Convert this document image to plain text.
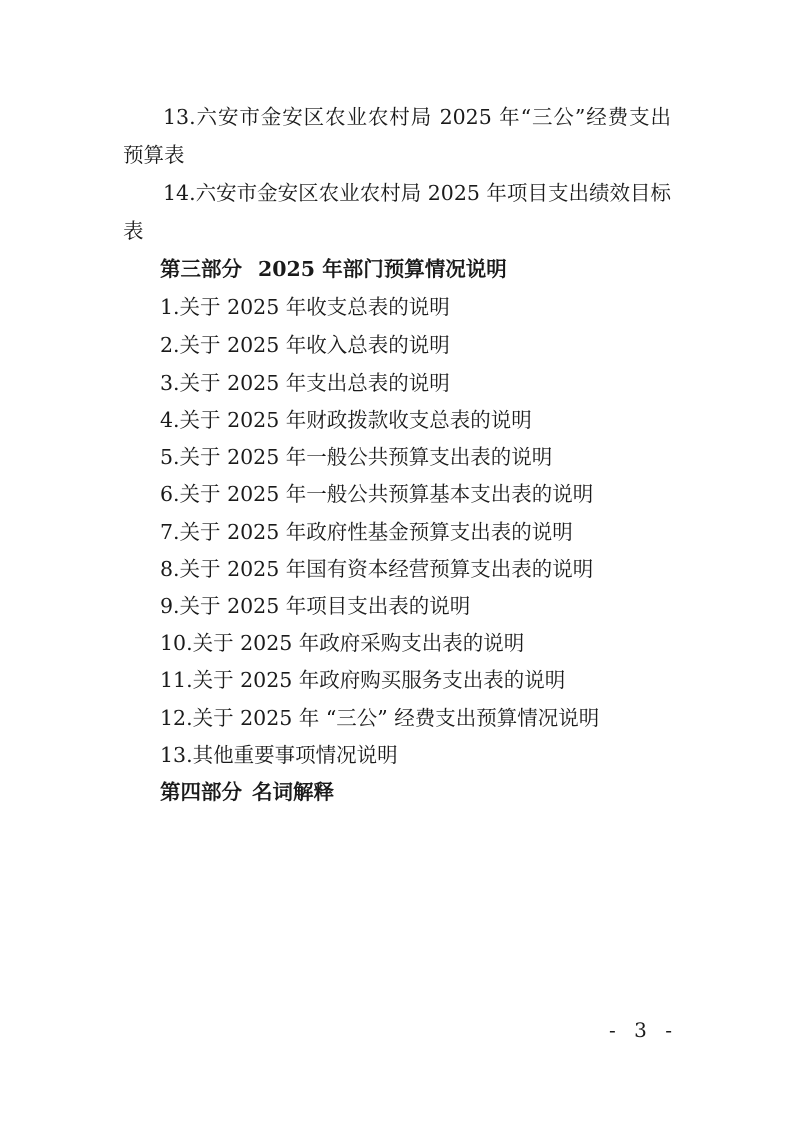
13.六安市金安区农业农村局 2025 年“三公”经费支出预算表
14.六安市金安区农业农村局 2025 年项目支出绩效目标表
第三部分 2025 年部门预算情况说明
1.关于 2025 年收支总表的说明
2.关于 2025 年收入总表的说明
3.关于 2025 年支出总表的说明
4.关于 2025 年财政拨款收支总表的说明
5.关于 2025 年一般公共预算支出表的说明
6.关于 2025 年一般公共预算基本支出表的说明
7.关于 2025 年政府性基金预算支出表的说明
8.关于 2025 年国有资本经营预算支出表的说明
9.关于 2025 年项目支出表的说明
10.关于 2025 年政府采购支出表的说明
11.关于 2025 年政府购买服务支出表的说明
12.关于 2025 年 “三公” 经费支出预算情况说明
13.其他重要事项情况说明
第四部分 名词解释
- 3 -
